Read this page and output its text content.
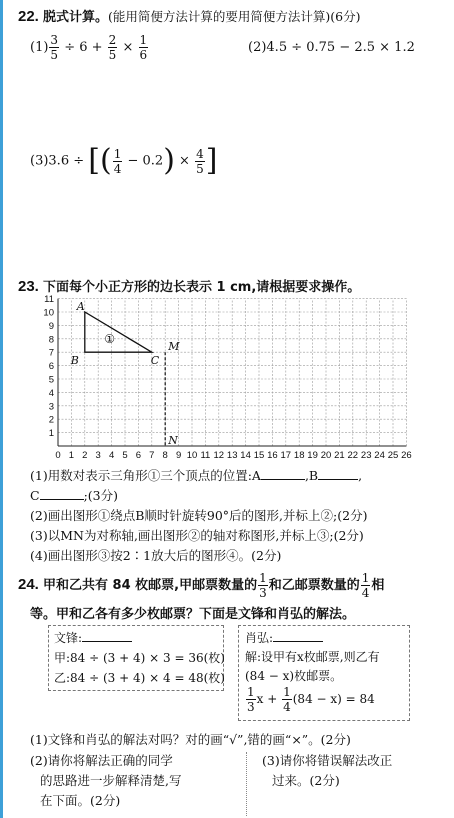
22. 脱式计算。(能用简便方法计算的要用简便方法计算)(6分)
$(1) \frac{3}{5} \div 6 + \frac{2}{5} \times \frac{1}{6}$	(2)4.5 ÷ 0.75 − 2.5 × 1.2
(3)3.6 ÷ [( $\frac{1}{4} - 0.2) \times \frac{4}{5}$ ]
23. 下面每个小正方形的边长表示 1 cm,请根据要求操作。
0 1 2 3 4 5 6 7 8 9 10 11 12 13 14 15 16 17 18 19 20 21 22 23 24 25 26
1
2
3
4
5
6
7
8
9
10
11
A
B	C
①
M
N
(1)用数对表示三角形①三个顶点的位置:A	,B	,
C	;(3分)
(2)画出图形①绕点B顺时针旋转90°后的图形,并标上②;(2分)
(3)以MN为对称轴,画出图形②的轴对称图形,并标上③;(2分)
(4)画出图形③按2∶1放大后的图形④。(2分)
24. 甲和乙共有 84 枚邮票,甲邮票数量的 $\frac{1}{3}$ 和乙邮票数量的 $\frac{1}{4}$ 相
等。甲和乙各有多少枚邮票？下面是文锋和肖弘的解法。
文锋:
甲:84 ÷ (3 + 4) × 3 = 36(枚)
乙:84 ÷ (3 + 4) × 4 = 48(枚)
肖弘:
解:设甲有x枚邮票,则乙有
(84 − x)枚邮票。
$\frac{1}{3}$ $x + \frac{1}{4} (84 - x) = 84$
(1)文锋和肖弘的解法对吗？对的画“√”,错的画“×”。(2分)
(2)请你将解法正确的同学
的思路进一步解释清楚,写
在下面。(2分)
(3)请你将错误解法改正
过来。(2分)
